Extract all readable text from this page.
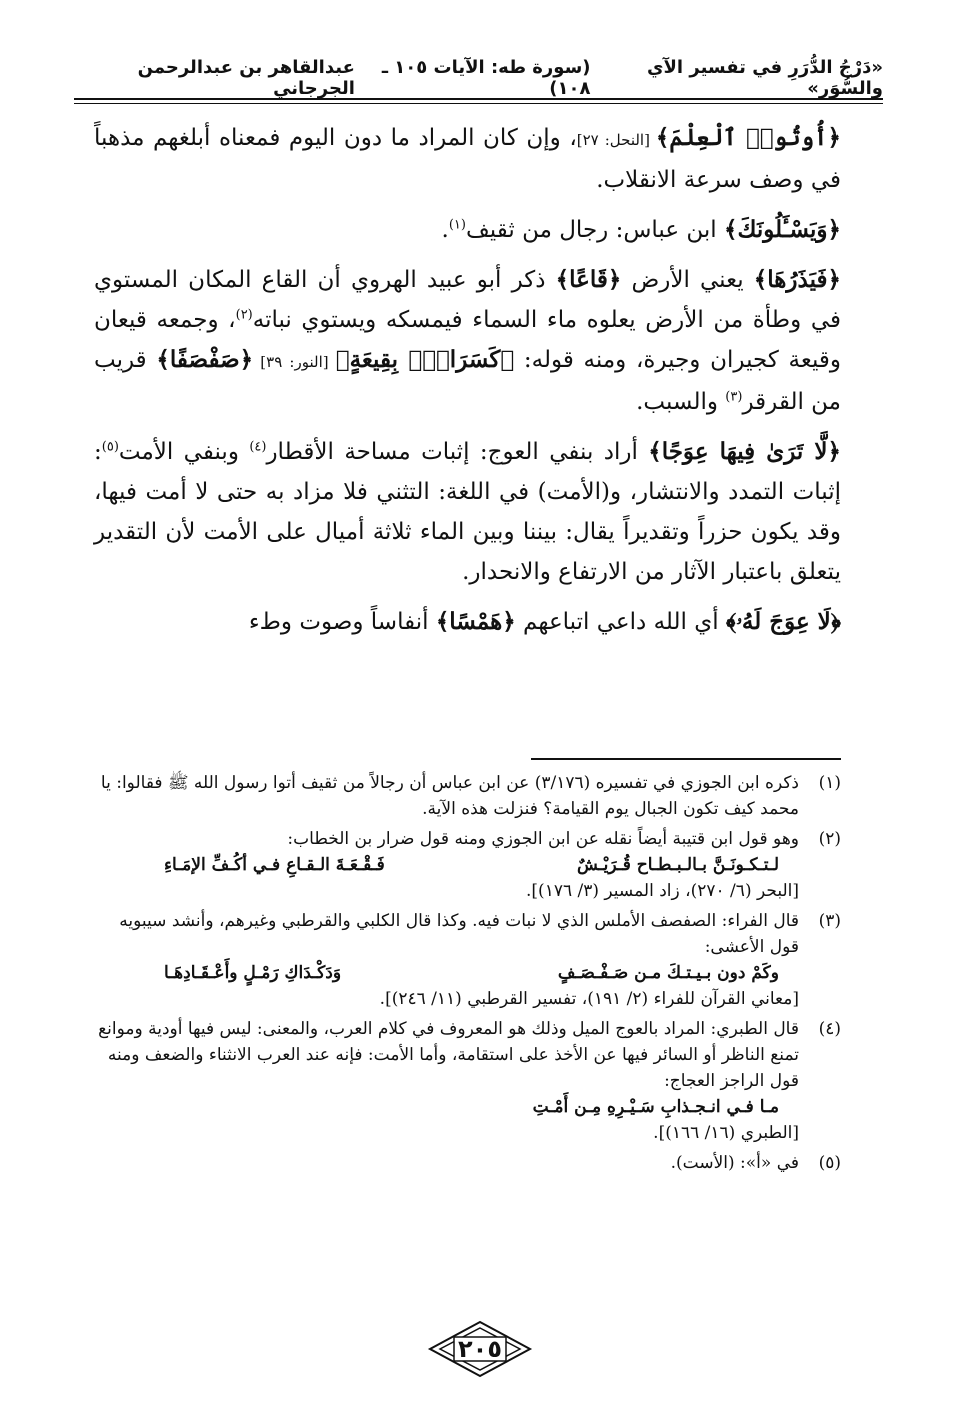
«دَرْجُ الدُّرَرِ في تفسير الآي والسُّوَر»
(سورة طه: الآيات ١٠٥ ـ ١٠٨)
عبدالقاهر بن عبدالرحمن الجرجاني

﴿أُوتُوا۟ ٱلْعِلْمَ﴾ [النحل: ٢٧]، وإن كان المراد ما دون اليوم فمعناه أبلغهم مذهباً في وصف سرعة الانقلاب.

﴿وَيَسْـَٔلُونَكَ﴾ ابن عباس: رجال من ثقيف$^{(١)}$.

﴿فَيَذَرُهَا﴾ يعني الأرض ﴿قَاعًا﴾ ذكر أبو عبيد الهروي أن القاع المكان المستوي في وطأة من الأرض يعلوه ماء السماء فيمسكه ويستوي نباته$^{(٢)}$، وجمعه قيعان وقيعة كجيران وجيرة، ومنه قوله: ﴿كَسَرَابٍۭ بِقِيعَةٍ﴾ [النور: ٣٩] ﴿صَفْصَفًا﴾ قريب من القرقر$^{(٣)}$ والسبب.

﴿لَّا تَرَىٰ فِيهَا عِوَجًا﴾ أراد بنفي العوج: إثبات مساحة الأقطار$^{(٤)}$ وبنفي الأمت$^{(٥)}$: إثبات التمدد والانتشار، و(الأمت) في اللغة: التثني فلا مزاد به حتى لا أمت فيها، وقد يكون حزراً وتقديراً يقال: بيننا وبين الماء ثلاثة أميال على الأمت لأن التقدير يتعلق باعتبار الآثار من الارتفاع والانحدار.

﴿لَا عِوَجَ لَهُۥ﴾ أي الله داعي اتباعهم ﴿هَمْسًا﴾ أنفاساً وصوت وطء

(١)
ذكره ابن الجوزي في تفسيره (٣/١٧٦) عن ابن عباس أن رجالاً من ثقيف أتوا رسول الله ﷺ فقالوا: يا محمد كيف تكون الجبال يوم القيامة؟ فنزلت هذه الآية.
(٢)
وهو قول ابن قتيبة أيضاً نقله عن ابن الجوزي ومنه قول ضرار بن الخطاب:
لـتـكـونَـنَّ بـالـبـطـاح قُـرَيْـشٌ
فَـقْـعَـةَ الـقـاعِ فـي أكُـفِّ الإمَـاءِ
[البحر (٦/ ٢٧٠)، زاد المسير (٣/ ١٧٦)].
(٣)
قال الفراء: الصفصف الأملس الذي لا نبات فيه. وكذا قال الكلبي والقرطبي وغيرهم، وأنشد سيبويه قول الأعشى:
وكَمْ دون بـيـتـكَ مـن صَـفْـصَـفٍ
وَدَكْـدَاكِ رَمْـلٍ وأَعْـقَـادِهَـا
[معاني القرآن للفراء (٢/ ١٩١)، تفسير القرطبي (١١/ ٢٤٦)].
(٤)
قال الطبري: المراد بالعوج الميل وذلك هو المعروف في كلام العرب، والمعنى: ليس فيها أودية وموانع تمنع الناظر أو السائر فيها عن الأخذ على استقامة، وأما الأمت: فإنه عند العرب الانثناء والضعف ومنه قول الراجز العجاج:
مـا فـي انـجـذابِ سَـيْـرِهِ مِـن أَمْـتِ
[الطبري (١٦/ ١٦٦)].
(٥)
في «أ»: (الأست).
٢٠٥
